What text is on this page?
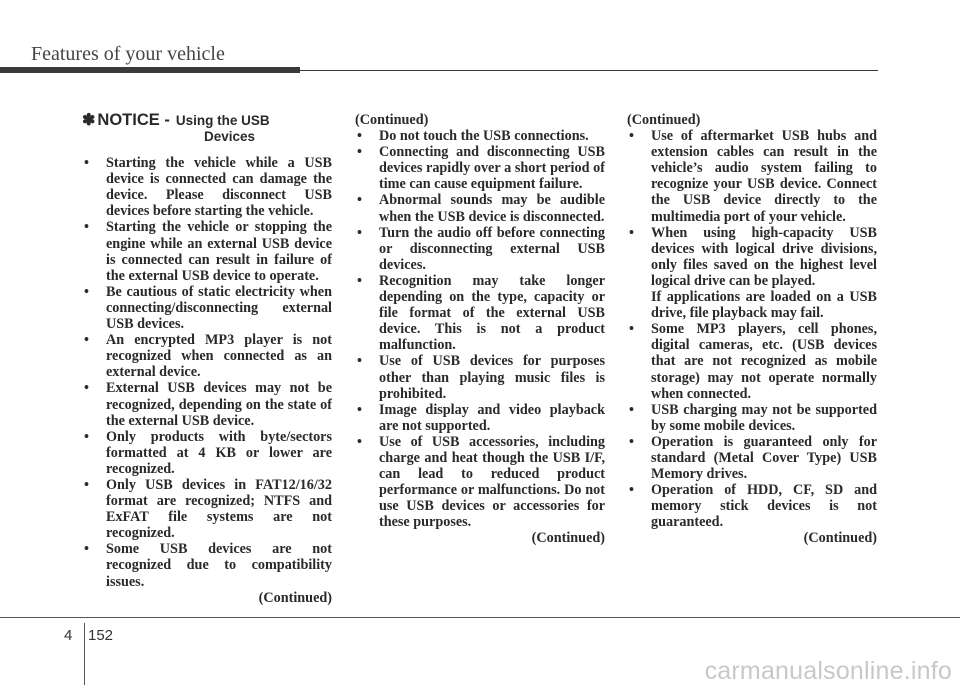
Features of your vehicle
✽ NOTICE - Using the USB
Devices
• Starting the vehicle while a USB device is connected can damage the device. Please disconnect USB devices before starting the vehicle.
• Starting the vehicle or stopping the engine while an external USB device is connected can result in failure of the external USB device to operate.
• Be cautious of static electricity when connecting/disconnecting external USB devices.
• An encrypted MP3 player is not recognized when connected as an external device.
• External USB devices may not be recognized, depending on the state of the external USB device.
• Only products with byte/sectors formatted at 4 KB or lower are recognized.
• Only USB devices in FAT12/16/32 format are recognized; NTFS and ExFAT file systems are not recognized.
• Some USB devices are not recognized due to compatibility issues.

(Continued)

(Continued)

• Do not touch the USB connections.
• Connecting and disconnecting USB devices rapidly over a short period of time can cause equipment failure.
• Abnormal sounds may be audible when the USB device is disconnected.
• Turn the audio off before connecting or disconnecting external USB devices.
• Recognition may take longer depending on the type, capacity or file format of the external USB device. This is not a product malfunction.
• Use of USB devices for purposes other than playing music files is prohibited.
• Image display and video playback are not supported.
• Use of USB accessories, including charge and heat though the USB I/F, can lead to reduced product performance or malfunctions. Do not use USB devices or accessories for these purposes.

(Continued)

(Continued)

• Use of aftermarket USB hubs and extension cables can result in the vehicle’s audio system failing to recognize your USB device. Connect the USB device directly to the multimedia port of your vehicle.
• When using high-capacity USB devices with logical drive divisions, only files saved on the highest level logical drive can be played.
If applications are loaded on a USB drive, file playback may fail.
• Some MP3 players, cell phones, digital cameras, etc. (USB devices that are not recognized as mobile storage) may not operate normally when connected.
• USB charging may not be supported by some mobile devices.
• Operation is guaranteed only for standard (Metal Cover Type) USB Memory drives.
• Operation of HDD, CF, SD and memory stick devices is not guaranteed.

(Continued)

4 152
carmanualsonline.info
